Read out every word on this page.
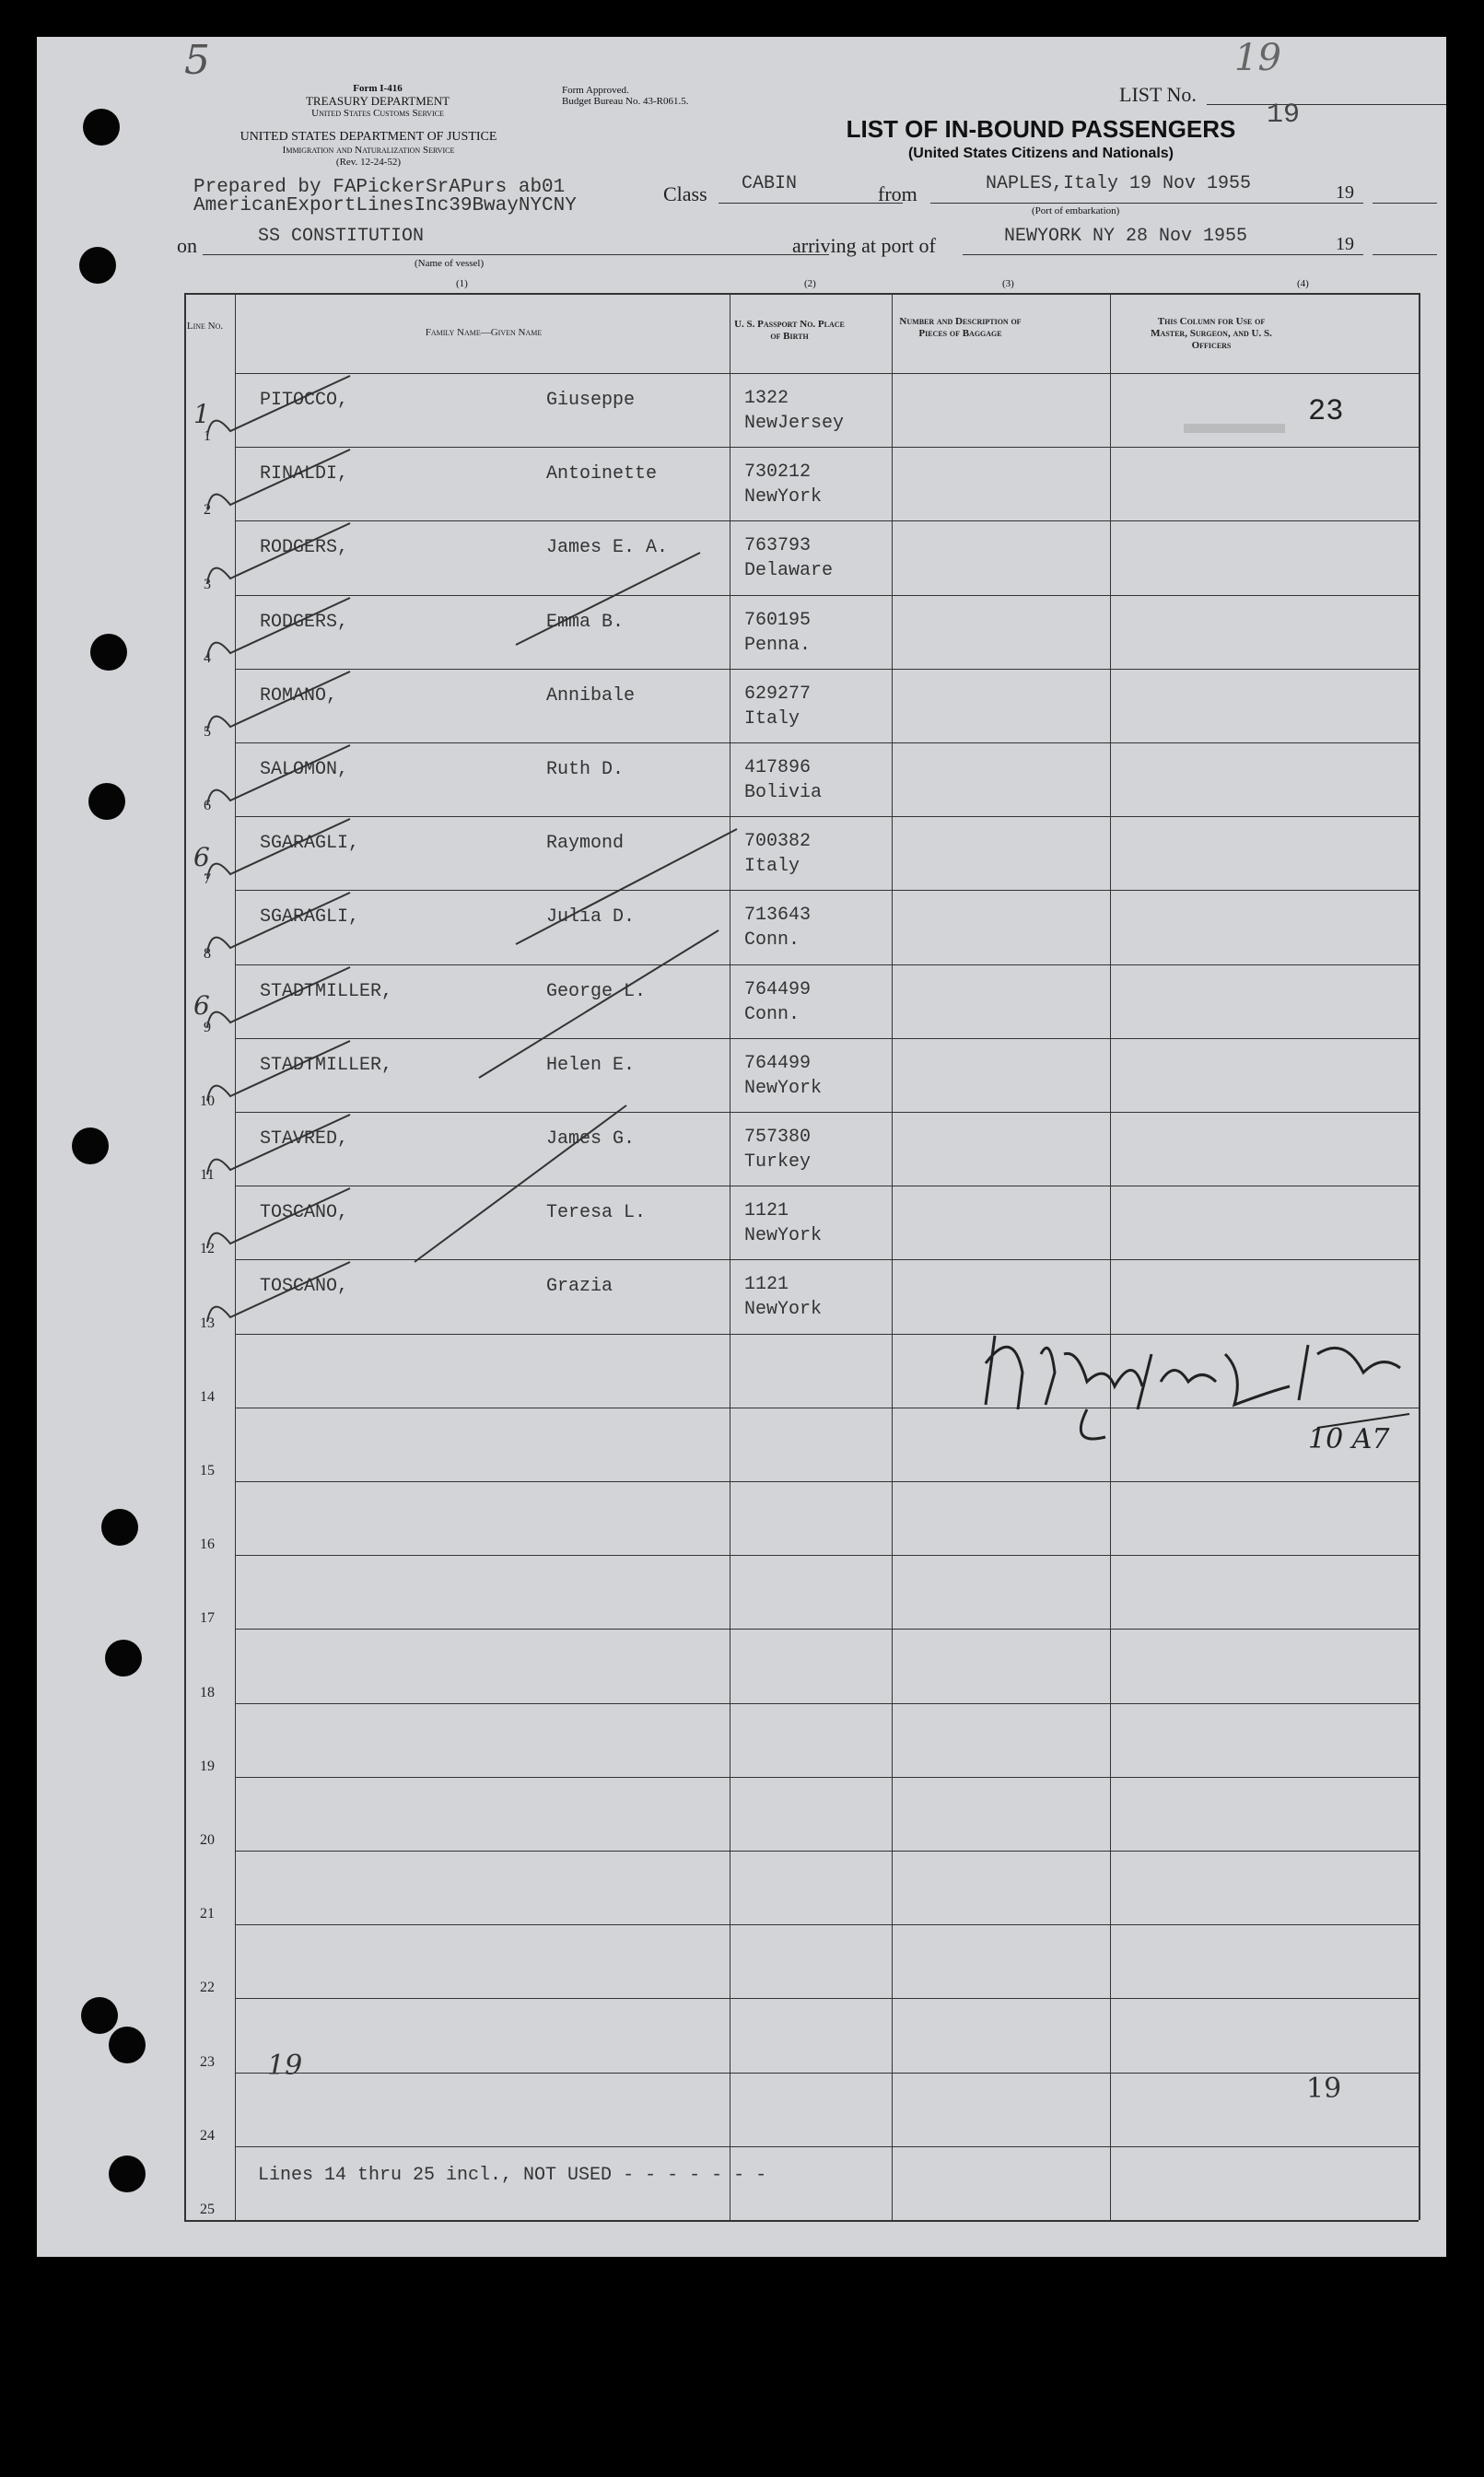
5
Form I-416
TREASURY DEPARTMENT
United States Customs Service
UNITED STATES DEPARTMENT OF JUSTICE
Immigration and Naturalization Service
(Rev. 12-24-52)
Form Approved.
Budget Bureau No. 43-R061.5.
LIST OF IN-BOUND PASSENGERS
(United States Citizens and Nationals)
19
LIST No.
19
Prepared by FAPickerSrAPurs ab01
AmericanExportLinesInc39BwayNYCNY
Class CABIN	from	NAPLES,Italy 19 Nov 1955	19
(Port of embarkation)
on	SS CONSTITUTION
(Name of vessel)
(1)
arriving at port of	NEWYORK NY 28 Nov 1955	19
(2)	(3)	(4)
Line No.
Family Name—Given Name
U. S. Passport No. Place of Birth
Number and Description of Pieces of Baggage
This Column for Use of Master, Surgeon, and U. S. Officers
1
PITOCCO,	Giuseppe	1322
NewJersey
1
2
RINALDI,	Antoinette	730212
NewYork
3
RODGERS,	James E. A.	763793
Delaware
4
RODGERS,	Emma B.	760195
Penna.
5
ROMANO,	Annibale	629277
Italy
6
SALOMON,	Ruth D.	417896
Bolivia
7
SGARAGLI,	Raymond	700382
Italy
6
8
SGARAGLI,	Julia D.	713643
Conn.
9
STADTMILLER,	George L.	764499
Conn.
6
10
STADTMILLER,	Helen E.	764499
NewYork
11
STAVRED,	James G.	757380
Turkey
12
TOSCANO,	Teresa L.	1121
NewYork
13
TOSCANO,	Grazia	1121
NewYork
14
15
16
17
18
19
20
21
22
23
24
25
23
Lines 14 thru 25 incl., NOT USED - - - - - - -
19
19
10 A7
